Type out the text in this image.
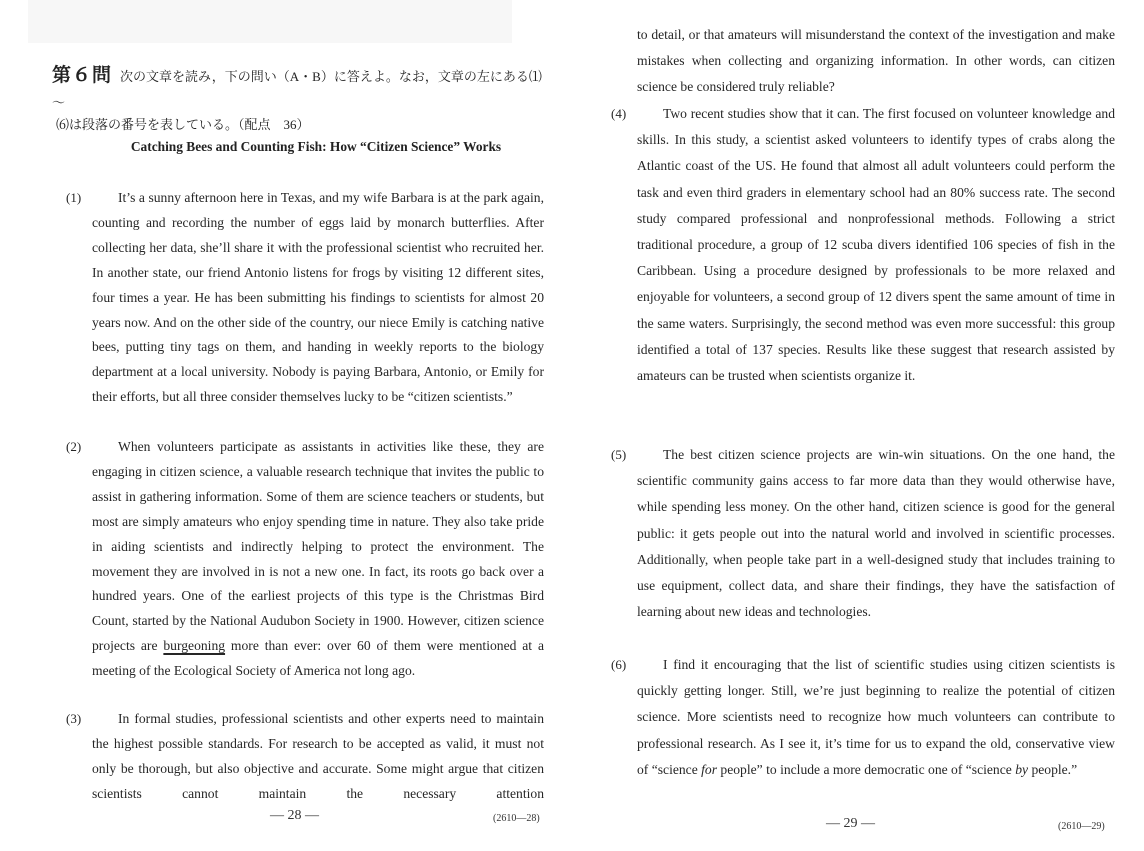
第６問 次の文章を読み，下の問い（A・B）に答えよ。なお，文章の左にある⑴～
⑹は段落の番号を表している。（配点　36）
Catching Bees and Counting Fish: How “Citizen Science” Works
(1)	It’s a sunny afternoon here in Texas, and my wife Barbara is at the park again, counting and recording the number of eggs laid by monarch butterflies. After collecting her data, she’ll share it with the professional scientist who recruited her. In another state, our friend Antonio listens for frogs by visiting 12 different sites, four times a year. He has been submitting his findings to scientists for almost 20 years now. And on the other side of the country, our niece Emily is catching native bees, putting tiny tags on them, and handing in weekly reports to the biology department at a local university. Nobody is paying Barbara, Antonio, or Emily for their efforts, but all three consider themselves lucky to be “citizen scientists.”

(2)	When volunteers participate as assistants in activities like these, they are engaging in citizen science, a valuable research technique that invites the public to assist in gathering information. Some of them are science teachers or students, but most are simply amateurs who enjoy spending time in nature. They also take pride in aiding scientists and indirectly helping to protect the environment. The movement they are involved in is not a new one. In fact, its roots go back over a hundred years. One of the earliest projects of this type is the Christmas Bird Count, started by the National Audubon Society in 1900. However, citizen science projects are burgeoning more than ever: over 60 of them were mentioned at a meeting of the Ecological Society of America not long ago.

(3)	In formal studies, professional scientists and other experts need to maintain the highest possible standards. For research to be accepted as valid, it must not only be thorough, but also objective and accurate. Some might argue that citizen scientists cannot maintain the necessary attention

— 28 —	(2610—28)

to detail, or that amateurs will misunderstand the context of the investigation and make mistakes when collecting and organizing information. In other words, can citizen science be considered truly reliable?

(4)	Two recent studies show that it can. The first focused on volunteer knowledge and skills. In this study, a scientist asked volunteers to identify types of crabs along the Atlantic coast of the US. He found that almost all adult volunteers could perform the task and even third graders in elementary school had an 80% success rate. The second study compared professional and nonprofessional methods. Following a strict traditional procedure, a group of 12 scuba divers identified 106 species of fish in the Caribbean. Using a procedure designed by professionals to be more relaxed and enjoyable for volunteers, a second group of 12 divers spent the same amount of time in the same waters. Surprisingly, the second method was even more successful: this group identified a total of 137 species. Results like these suggest that research assisted by amateurs can be trusted when scientists organize it.

(5)	The best citizen science projects are win-win situations. On the one hand, the scientific community gains access to far more data than they would otherwise have, while spending less money. On the other hand, citizen science is good for the general public: it gets people out into the natural world and involved in scientific processes. Additionally, when people take part in a well-designed study that includes training to use equipment, collect data, and share their findings, they have the satisfaction of learning about new ideas and technologies.

(6)	I find it encouraging that the list of scientific studies using citizen scientists is quickly getting longer. Still, we’re just beginning to realize the potential of citizen science. More scientists need to recognize how much volunteers can contribute to professional research. As I see it, it’s time for us to expand the old, conservative view of “science for people” to include a more democratic one of “science by people.”

— 29 —	(2610—29)
